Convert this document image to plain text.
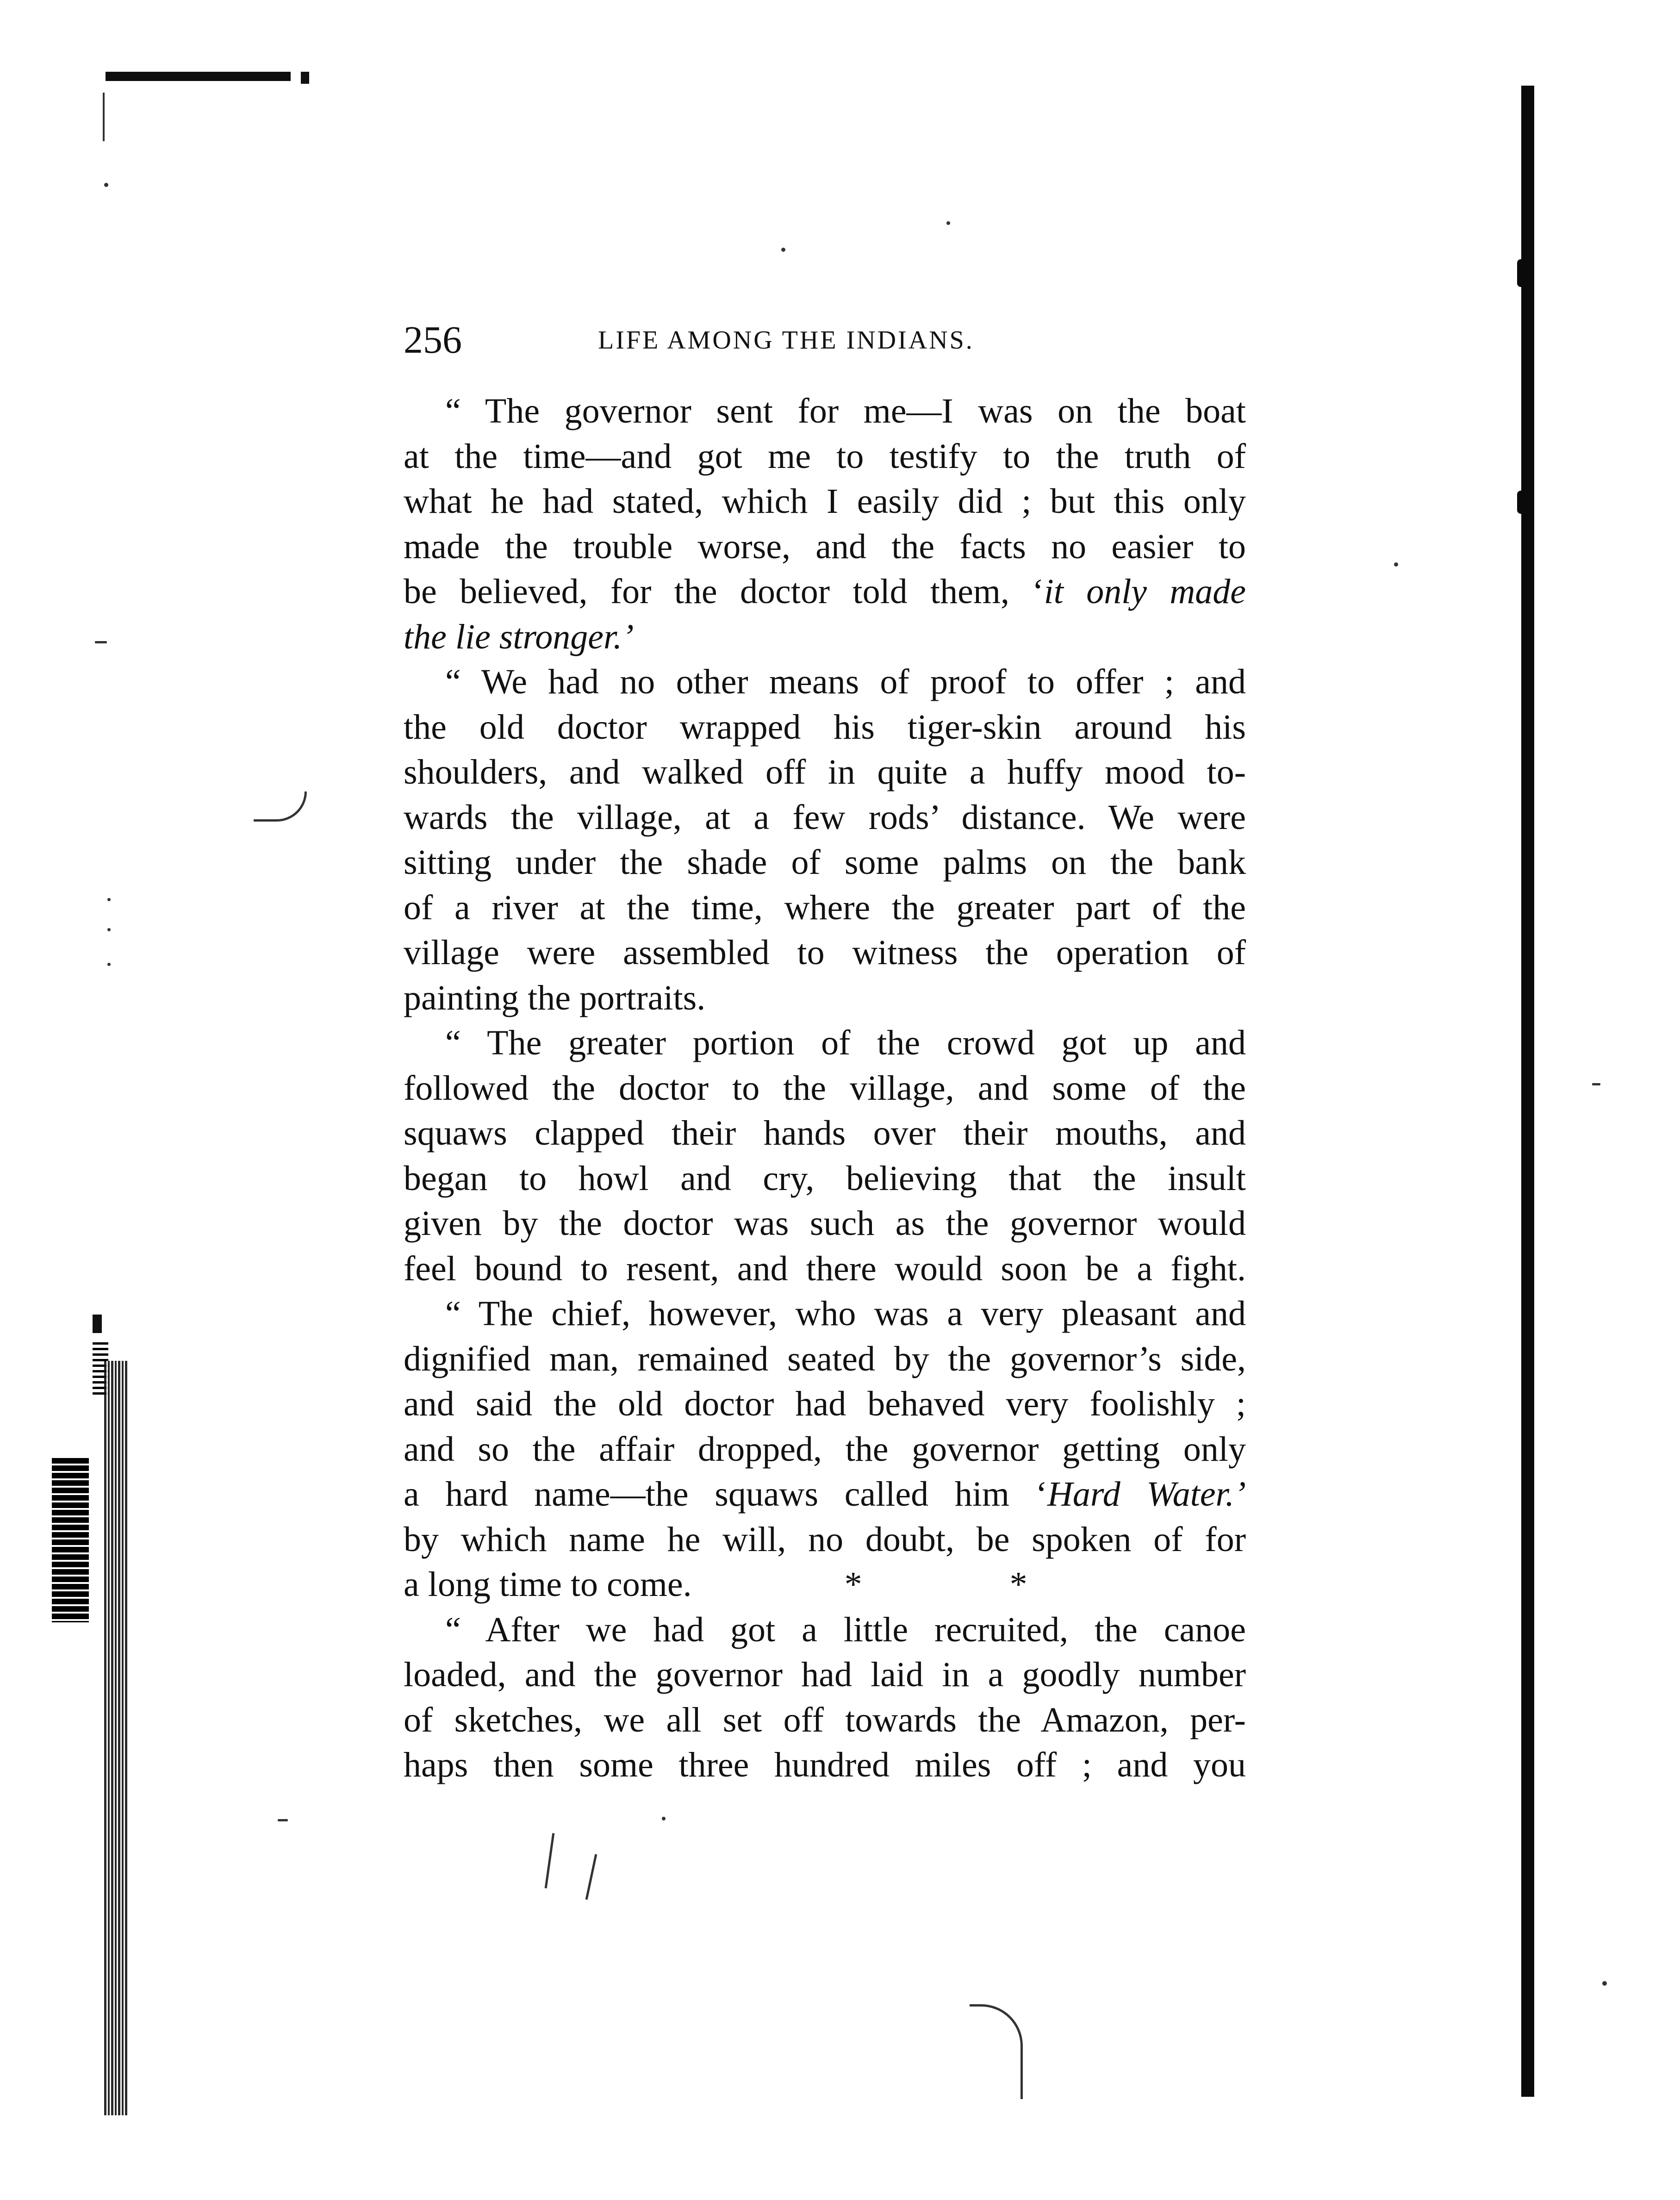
256	LIFE AMONG THE INDIANS.
“ The governor sent for me—I was on the boat
at the time—and got me to testify to the truth of
what he had stated, which I easily did ; but this only
made the trouble worse, and the facts no easier to
be believed, for the doctor told them, ‘it only made
the lie stronger.’
“ We had no other means of proof to offer ; and
the old doctor wrapped his tiger-skin around his
shoulders, and walked off in quite a huffy mood to-
wards the village, at a few rods’ distance. We were
sitting under the shade of some palms on the bank
of a river at the time, where the greater part of the
village were assembled to witness the operation of
painting the portraits.
“ The greater portion of the crowd got up and
followed the doctor to the village, and some of the
squaws clapped their hands over their mouths, and
began to howl and cry, believing that the insult
given by the doctor was such as the governor would
feel bound to resent, and there would soon be a fight.
“ The chief, however, who was a very pleasant and
dignified man, remained seated by the governor’s side,
and said the old doctor had behaved very foolishly ;
and so the affair dropped, the governor getting only
a hard name—the squaws called him ‘Hard Water.’
by which name he will, no doubt, be spoken of for
a long time to come.	* *
“ After we had got a little recruited, the canoe
loaded, and the governor had laid in a goodly number
of sketches, we all set off towards the Amazon, per-
haps then some three hundred miles off ; and you
